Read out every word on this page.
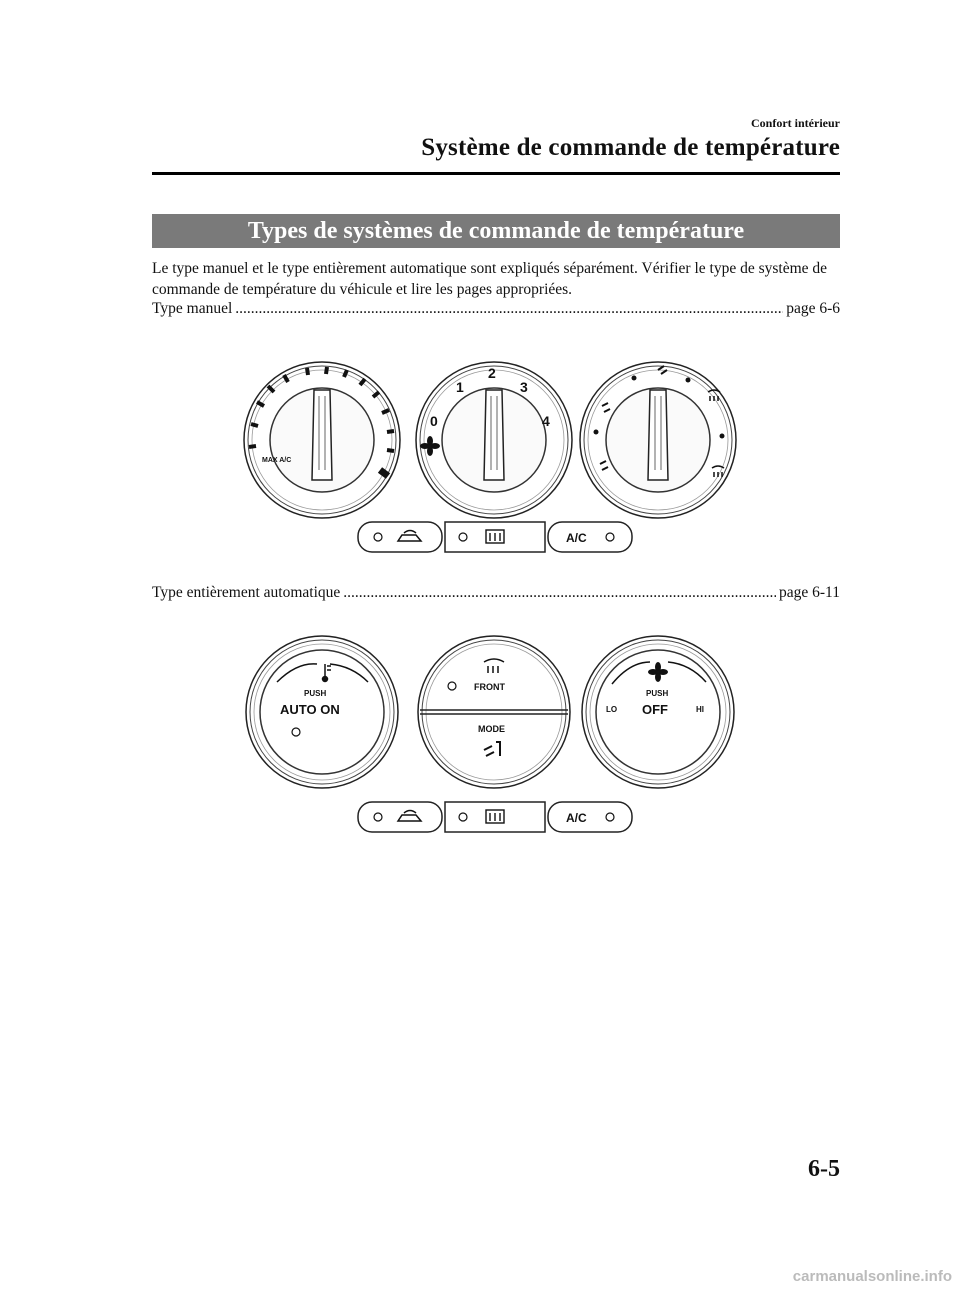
Confort intérieur
Système de commande de température
Types de systèmes de commande de température

Le type manuel et le type entièrement automatique sont expliqués séparément. Vérifier le type de système de commande de température du véhicule et lire les pages appropriées.

Type manuel .....	page 6-6
MAX A/C
0
1
2
3
4
A/C
Type entièrement automatique .....	page 6-11
PUSH
AUTO ON
FRONT
MODE
PUSH
LO OFF	HI
A/C
6-5
carmanualsonline.info
